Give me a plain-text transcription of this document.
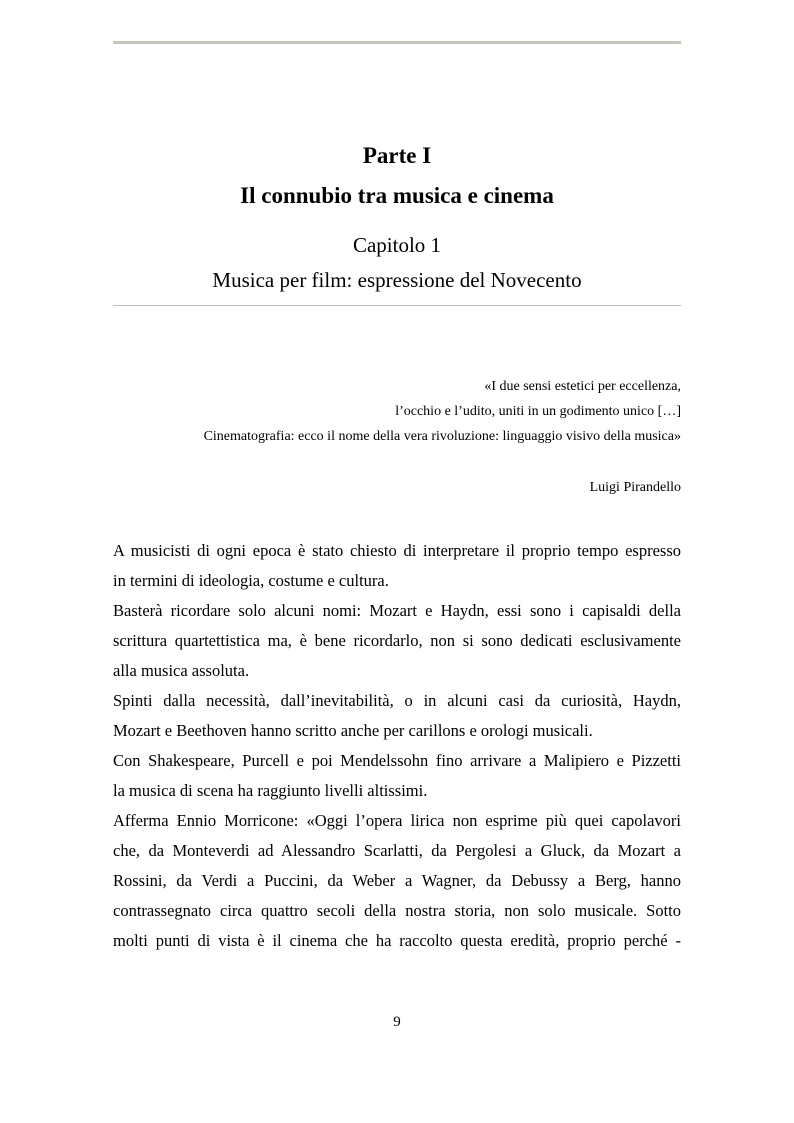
Parte I
Il connubio tra musica e cinema
Capitolo 1
Musica per film: espressione del Novecento
«I due sensi estetici per eccellenza,
l’occhio e l’udito, uniti in un godimento unico […]
Cinematografia: ecco il nome della vera rivoluzione: linguaggio visivo della musica»
Luigi Pirandello
A musicisti di ogni epoca è stato chiesto di interpretare il proprio tempo espresso
in termini di ideologia, costume e cultura.
Basterà ricordare solo alcuni nomi: Mozart e Haydn, essi sono i capisaldi della
scrittura quartettistica ma, è bene ricordarlo, non si sono dedicati esclusivamente
alla musica assoluta.
Spinti dalla necessità, dall’inevitabilità, o in alcuni casi da curiosità, Haydn,
Mozart e Beethoven hanno scritto anche per carillons e orologi musicali.
Con Shakespeare, Purcell e poi Mendelssohn fino arrivare a Malipiero e Pizzetti
la musica di scena ha raggiunto livelli altissimi.
Afferma Ennio Morricone: «Oggi l’opera lirica non esprime più quei capolavori
che, da Monteverdi ad Alessandro Scarlatti, da Pergolesi a Gluck, da Mozart a
Rossini, da Verdi a Puccini, da Weber a Wagner, da Debussy a Berg, hanno
contrassegnato circa quattro secoli della nostra storia, non solo musicale. Sotto
molti punti di vista è il cinema che ha raccolto questa eredità, proprio perché -
9
